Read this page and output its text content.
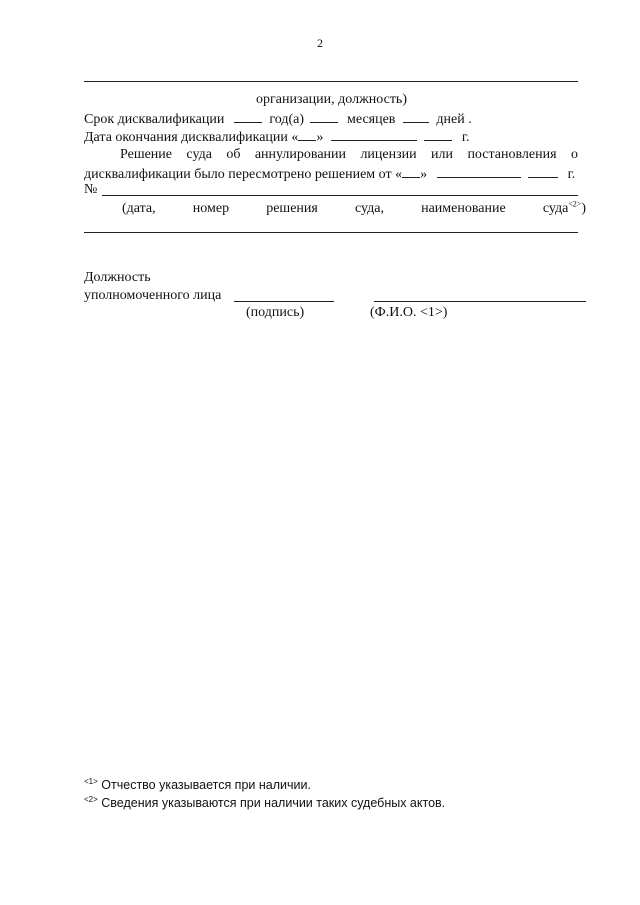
2
организации, должность)
Срок дисквалификации	год(а)	месяцев	дней .
Дата окончания дисквалификации « »	г.
Решение суда об аннулировании лицензии или постановления о
дисквалификации было пересмотрено решением от « »	г.
№
(дата,	номер	решения	суда,	наименование	суда$^{<2>}$)
Должность
уполномоченного лица
(подпись)	(Ф.И.О. <1>)
$^{<1>}$ Отчество указывается при наличии.
$^{<2>}$ Сведения указываются при наличии таких судебных актов.
